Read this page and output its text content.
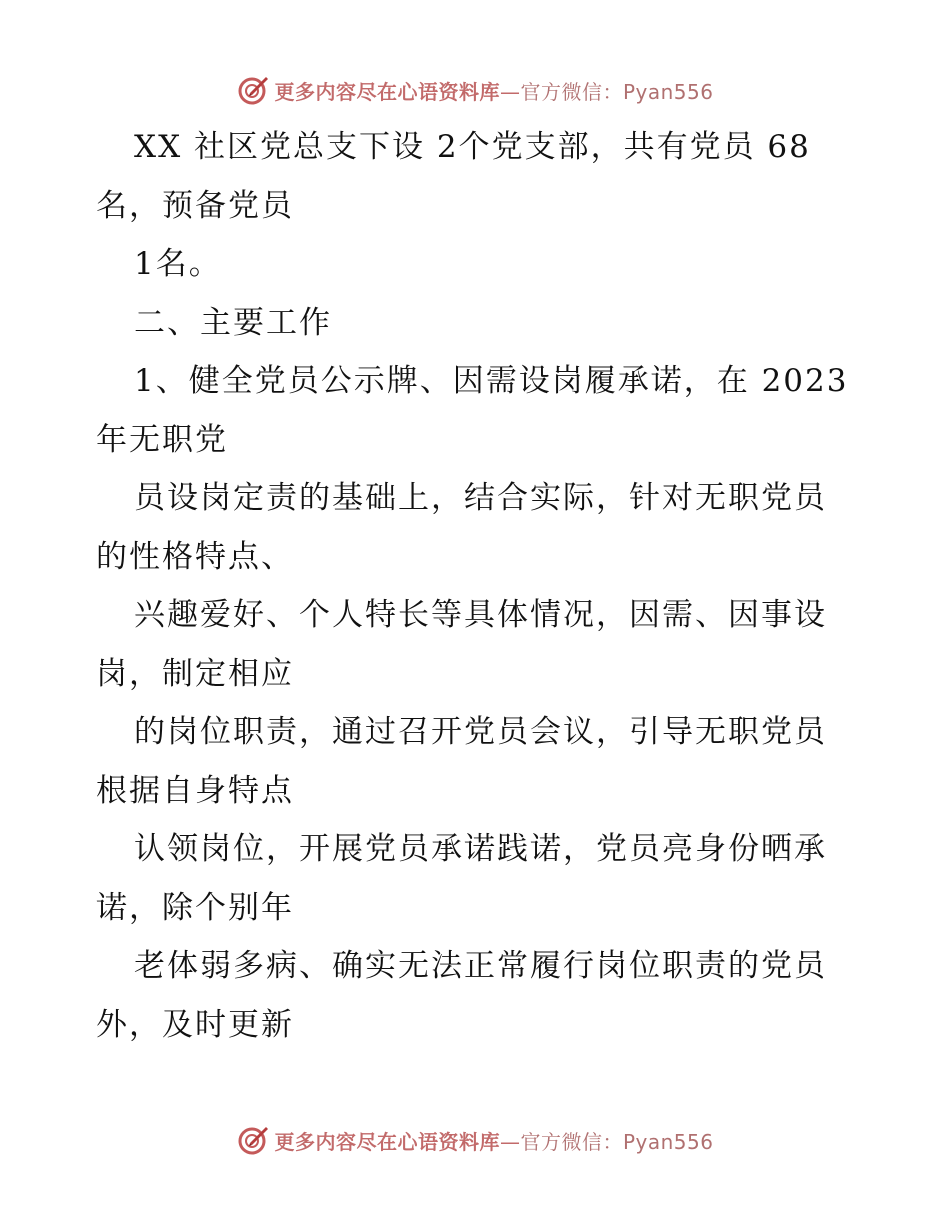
更多内容尽在心语资料库—官方微信：Pyan556
XX 社区党总支下设 2个党支部，共有党员 68
名，预备党员
1名。
二、主要工作
1、健全党员公示牌、因需设岗履承诺，在 2023
年无职党
员设岗定责的基础上，结合实际，针对无职党员
的性格特点、
兴趣爱好、个人特长等具体情况，因需、因事设
岗，制定相应
的岗位职责，通过召开党员会议，引导无职党员
根据自身特点
认领岗位，开展党员承诺践诺，党员亮身份晒承
诺，除个别年
老体弱多病、确实无法正常履行岗位职责的党员
外，及时更新
更多内容尽在心语资料库—官方微信：Pyan556
